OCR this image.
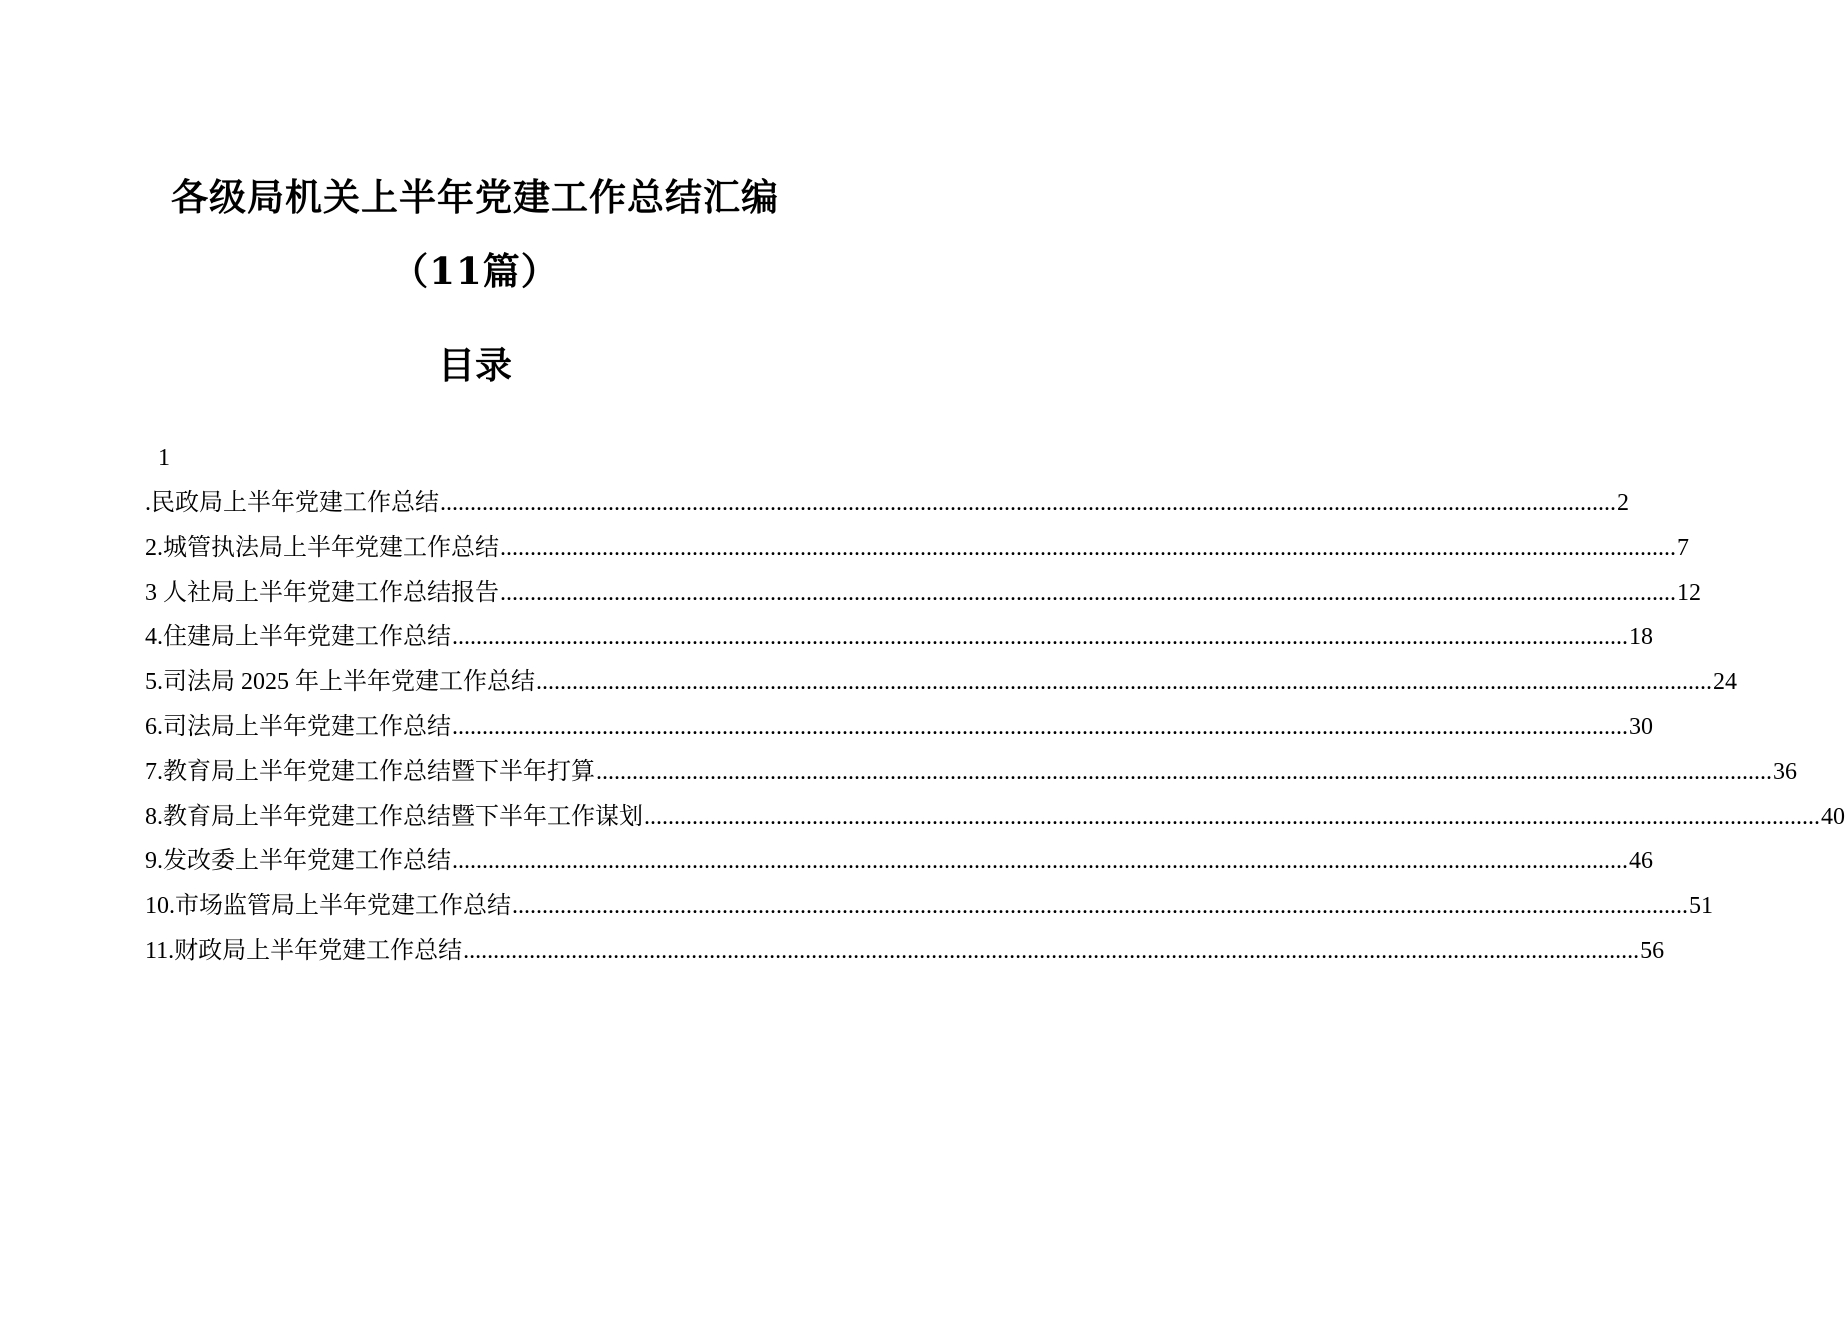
各级局机关上半年党建工作总结汇编（11篇）
目录
1
.民政局上半年党建工作总结 .................................................................................................................................................................................................... 2
2.城管执法局上半年党建工作总结 .................................................................................................................................................................................................... 7
3 人社局上半年党建工作总结报告 .................................................................................................................................................................................................... 12
4.住建局上半年党建工作总结 .................................................................................................................................................................................................... 18
5.司法局 2025 年上半年党建工作总结 .................................................................................................................................................................................................... 24
6.司法局上半年党建工作总结 .................................................................................................................................................................................................... 30
7.教育局上半年党建工作总结暨下半年打算 .................................................................................................................................................................................................... 36
8.教育局上半年党建工作总结暨下半年工作谋划 .................................................................................................................................................................................................... 40
9.发改委上半年党建工作总结 .................................................................................................................................................................................................... 46
10.市场监管局上半年党建工作总结 .................................................................................................................................................................................................... 51
11.财政局上半年党建工作总结 .................................................................................................................................................................................................... 56
